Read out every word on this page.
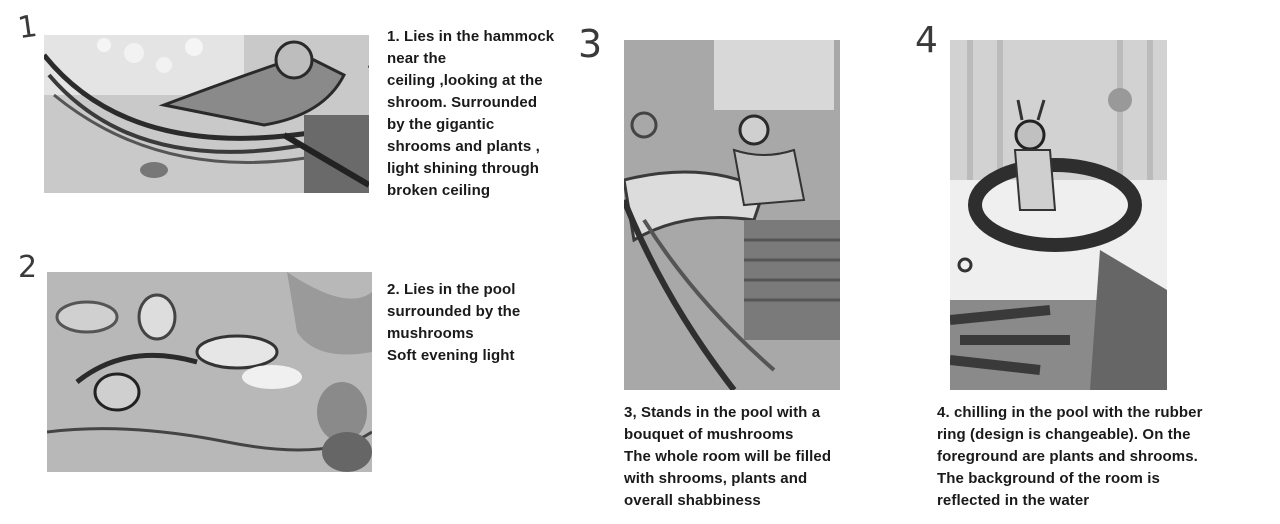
1
2
3	4
1. Lies in the hammock
near the
ceiling ,looking at the
shroom. Surrounded
by the gigantic
shrooms and plants ,
light shining through
broken ceiling
2. Lies in the pool
surrounded by the
mushrooms
Soft evening light
3, Stands in the pool with a
bouquet of mushrooms
The whole room will be filled
with shrooms, plants and
overall shabbiness
4. chilling in the pool with the rubber
ring (design is changeable). On the
foreground are plants and shrooms.
The background of the room is
reflected in the water
